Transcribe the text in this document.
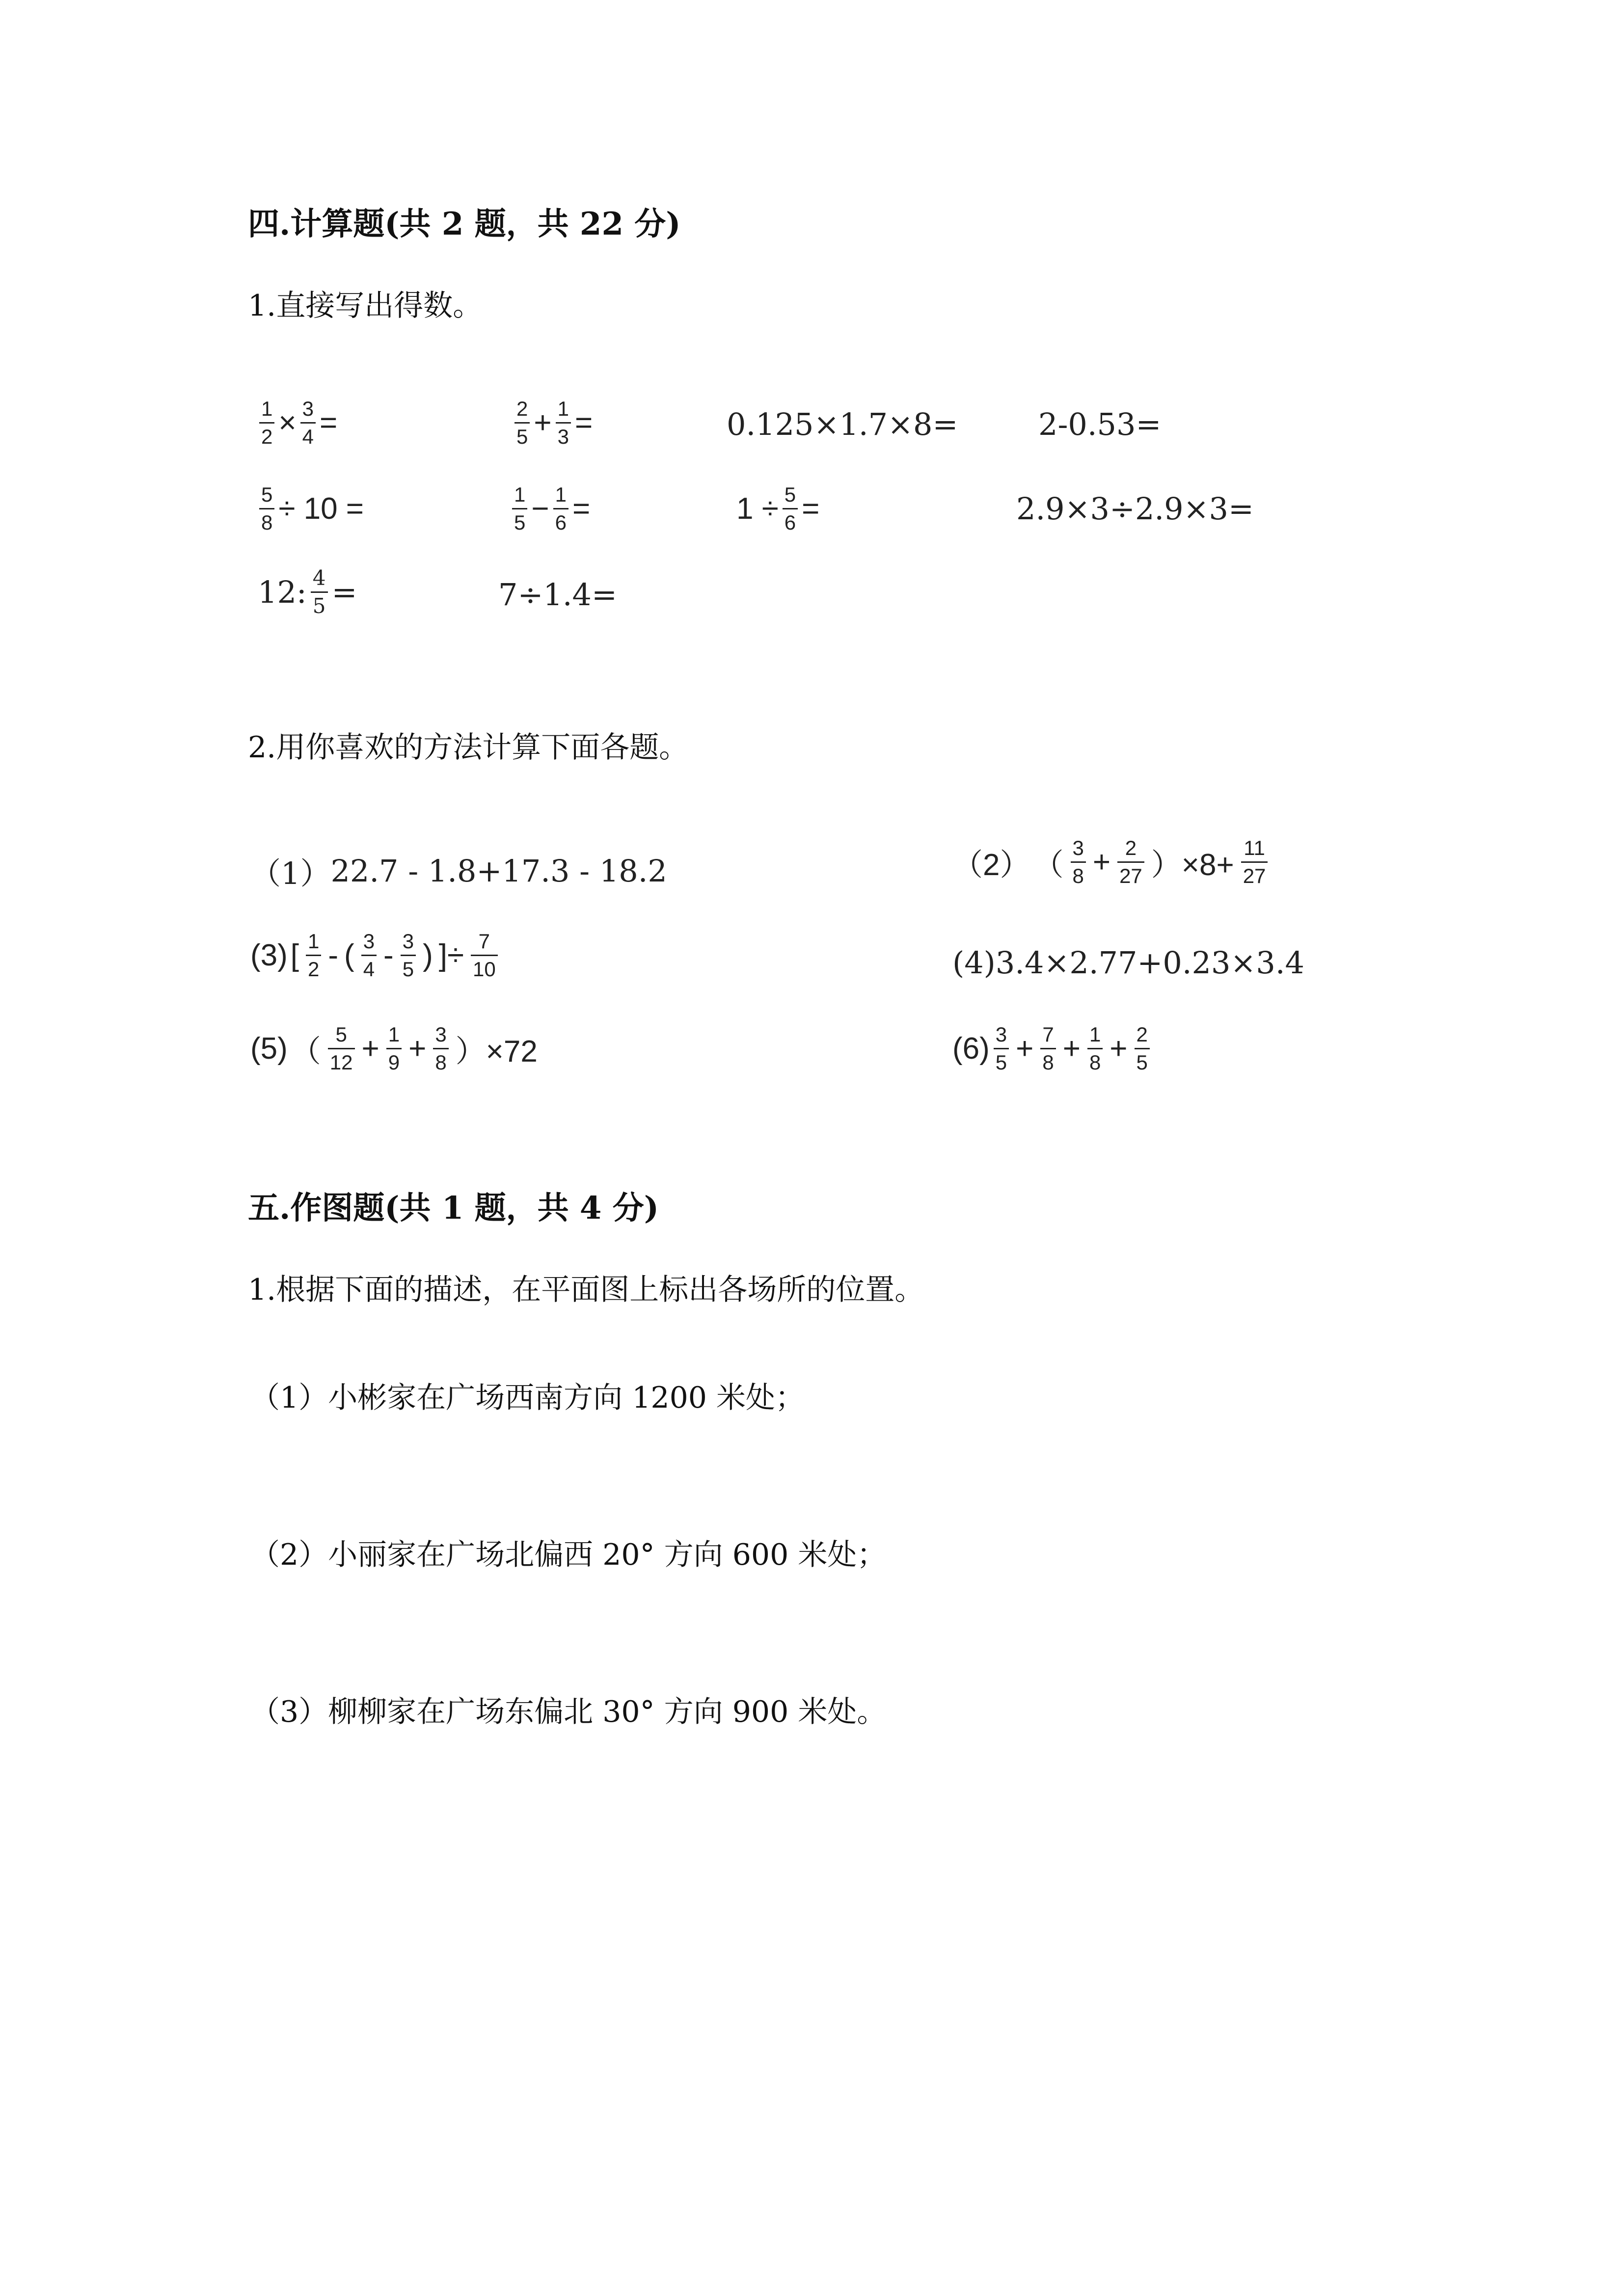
四.计算题(共 2 题，共 22 分)
1.直接写出得数。
$\frac{1}{2} \times \frac{3}{4}$ =	$\frac{2}{5} + \frac{1}{3}$ =	0.125×1.7×8=	2-0.53=
$\frac{5}{8} \div 10$ =	$\frac{1}{5} - \frac{1}{6}$ =	$1 \div \frac{5}{6}$ =	2.9×3÷2.9×3=
12: $\frac{4}{5}$ =	7÷1.4=
2.用你喜欢的方法计算下面各题。
（1） 22.7 - 1.8+17.3 - 18.2	（2） （ $\frac{3}{8} + \frac{2}{27} )\times 8+ \frac{11}{27}$
(3) [ $\frac{1}{2}$ - ( $\frac{3}{4} - \frac{3}{5}$ ) ]÷ $\frac{7}{10}$	(4) 3.4×2.77+0.23×3.4
(5) （ $\frac{5}{12} + \frac{1}{9} + \frac{3}{8} )\times 72$	$(6) \frac{3}{5} + \frac{7}{8} + \frac{1}{8} + \frac{2}{5}$
五.作图题(共 1 题，共 4 分)
1.根据下面的描述，在平面图上标出各场所的位置。
（1）小彬家在广场西南方向 1200 米处；
（2）小丽家在广场北偏西 20° 方向 600 米处；
（3）柳柳家在广场东偏北 30° 方向 900 米处。
